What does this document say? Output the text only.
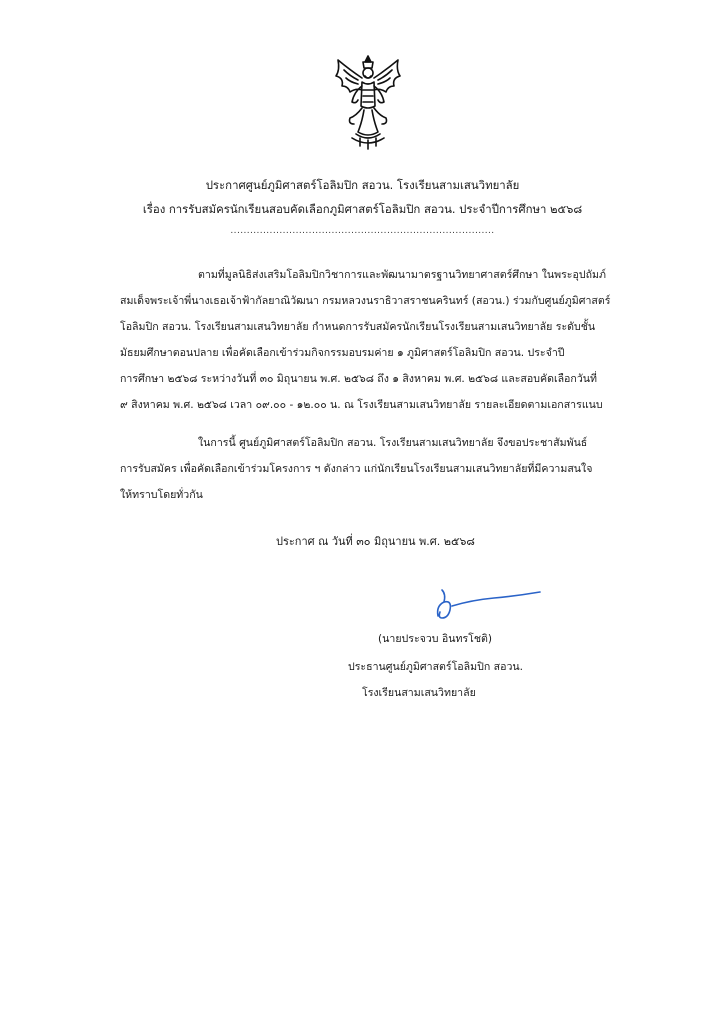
ประกาศศูนย์ภูมิศาสตร์โอลิมปิก สอวน. โรงเรียนสามเสนวิทยาลัย
เรื่อง การรับสมัครนักเรียนสอบคัดเลือกภูมิศาสตร์โอลิมปิก สอวน. ประจำปีการศึกษา ๒๕๖๘
.................................................................................
ตามที่มูลนิธิส่งเสริมโอลิมปิกวิชาการและพัฒนามาตรฐานวิทยาศาสตร์ศึกษา ในพระอุปถัมภ์
สมเด็จพระเจ้าพี่นางเธอเจ้าฟ้ากัลยาณิวัฒนา กรมหลวงนราธิวาสราชนครินทร์ (สอวน.) ร่วมกับศูนย์ภูมิศาสตร์
โอลิมปิก สอวน. โรงเรียนสามเสนวิทยาลัย กำหนดการรับสมัครนักเรียนโรงเรียนสามเสนวิทยาลัย ระดับชั้น
มัธยมศึกษาตอนปลาย เพื่อคัดเลือกเข้าร่วมกิจกรรมอบรมค่าย ๑ ภูมิศาสตร์โอลิมปิก สอวน. ประจำปี
การศึกษา ๒๕๖๘ ระหว่างวันที่ ๓๐ มิถุนายน พ.ศ. ๒๕๖๘ ถึง ๑ สิงหาคม พ.ศ. ๒๕๖๘ และสอบคัดเลือกวันที่
๙ สิงหาคม พ.ศ. ๒๕๖๘ เวลา ๐๙.๐๐ - ๑๒.๐๐ น. ณ โรงเรียนสามเสนวิทยาลัย รายละเอียดตามเอกสารแนบ
ในการนี้ ศูนย์ภูมิศาสตร์โอลิมปิก สอวน. โรงเรียนสามเสนวิทยาลัย จึงขอประชาสัมพันธ์
การรับสมัคร เพื่อคัดเลือกเข้าร่วมโครงการ ฯ ดังกล่าว แก่นักเรียนโรงเรียนสามเสนวิทยาลัยที่มีความสนใจ
ให้ทราบโดยทั่วกัน
ประกาศ ณ วันที่ ๓๐ มิถุนายน พ.ศ. ๒๕๖๘
(นายประจวบ อินทรโชติ)
ประธานศูนย์ภูมิศาสตร์โอลิมปิก สอวน.
โรงเรียนสามเสนวิทยาลัย
